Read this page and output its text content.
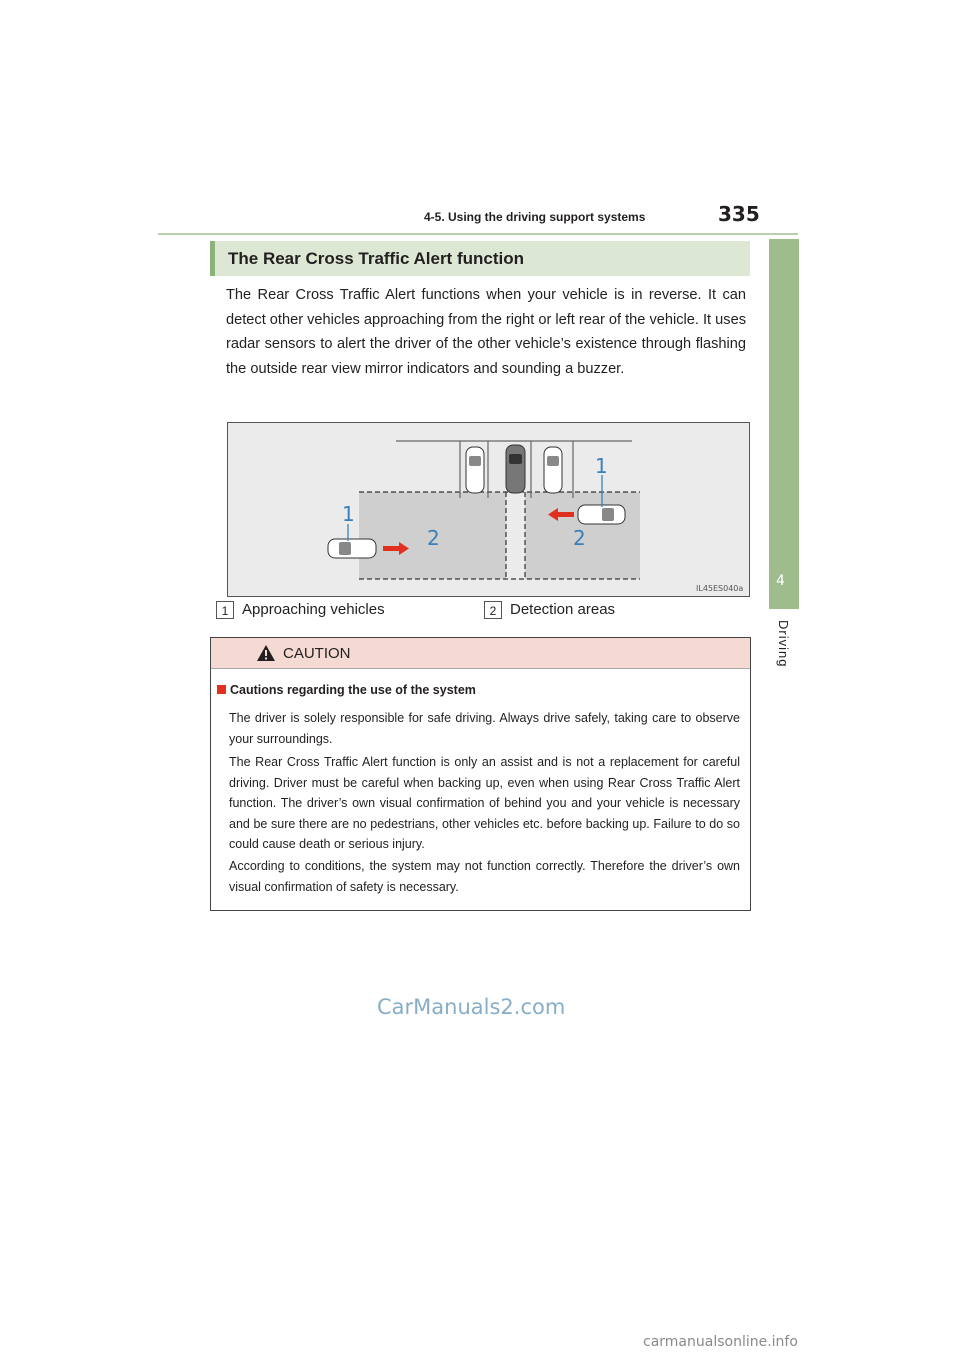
4-5. Using the driving support systems	335
4
Driving
The Rear Cross Traffic Alert function
The Rear Cross Traffic Alert functions when your vehicle is in reverse. It can detect other vehicles approaching from the right or left rear of the vehicle. It uses radar sensors to alert the driver of the other vehicle’s existence through flashing the outside rear view mirror indicators and sounding a buzzer.
1
1
2	2
IL45ES040a
1 Approaching vehicles	2 Detection areas
CAUTION
Cautions regarding the use of the system
The driver is solely responsible for safe driving. Always drive safely, taking care to observe your surroundings.
The Rear Cross Traffic Alert function is only an assist and is not a replacement for careful driving. Driver must be careful when backing up, even when using Rear Cross Traffic Alert function. The driver’s own visual confirmation of behind you and your vehicle is necessary and be sure there are no pedestrians, other vehicles etc. before backing up. Failure to do so could cause death or serious injury.
According to conditions, the system may not function correctly. Therefore the driver’s own visual confirmation of safety is necessary.
CarManuals2.com
carmanualsonline.info
